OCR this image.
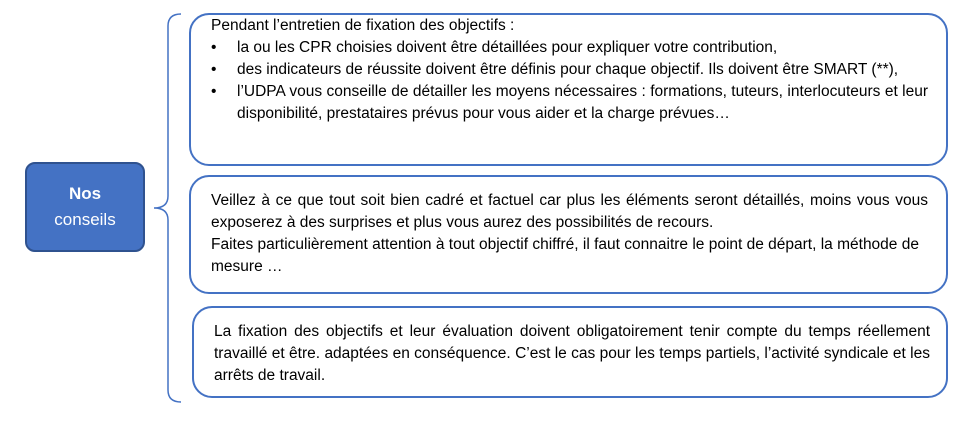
Nos
conseils

Pendant l’entretien de fixation des objectifs :

• la ou les CPR choisies doivent être détaillées pour expliquer votre contribution,
• des indicateurs de réussite doivent être définis pour chaque objectif. Ils doivent être SMART (**),
• l’UDPA vous conseille de détailler les moyens nécessaires : formations, tuteurs, interlocuteurs et leur disponibilité, prestataires prévus pour vous aider et la charge prévues…

Veillez à ce que tout soit bien cadré et factuel car plus les éléments seront détaillés, moins vous vous exposerez à des surprises et plus vous aurez des possibilités de recours.

Faites particulièrement attention à tout objectif chiffré, il faut connaitre le point de départ, la méthode de mesure …

La fixation des objectifs et leur évaluation doivent obligatoirement tenir compte du temps réellement travaillé et être. adaptées en conséquence. C’est le cas pour les temps partiels, l’activité syndicale et les arrêts de travail.
